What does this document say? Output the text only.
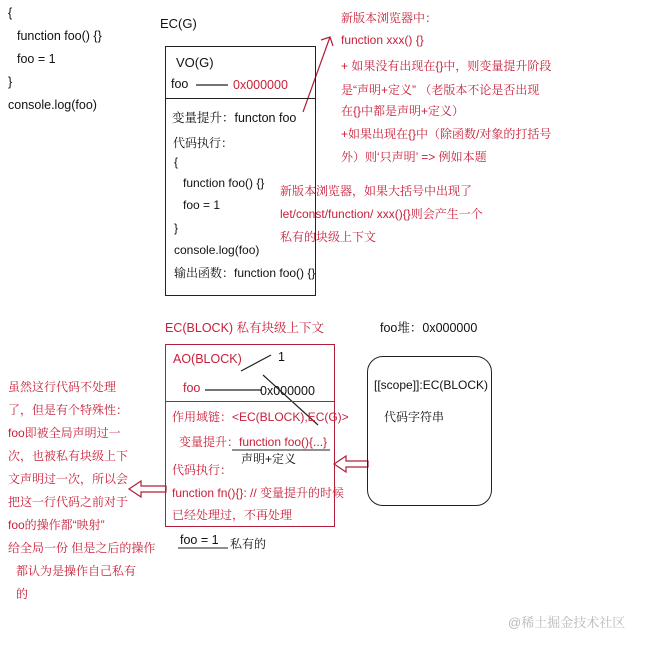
{
function foo() {}
foo = 1
}
console.log(foo)
EC(G)
VO(G)
foo	0x000000
变量提升：functon foo
代码执行：
{
function foo() {}
foo = 1
}
console.log(foo)
输出函数：function foo() {}
新版本浏览器中：
function xxx() {}
+ 如果没有出现在{}中，则变量提升阶段
是“声明+定义” （老版本不论是否出现
在{}中都是声明+定义）
+如果出现在{}中（除函数/对象的打括号
外）则‘只声明’ => 例如本题
新版本浏览器，如果大括号中出现了
let/const/function/ xxx(){}则会产生一个
私有的块级上下文
EC(BLOCK) 私有块级上下文
AO(BLOCK)	1
foo	0x000000
作用域链：<EC(BLOCK),EC(G)>
变量提升：function foo(){...}
声明+定义
代码执行：
function fn(){}: // 变量提升的时候
已经处理过，不再处理
foo = 1 私有的
foo堆：0x000000
[[scope]]:EC(BLOCK)
代码字符串
虽然这行代码不处理
了，但是有个特殊性：
foo即被全局声明过一
次，也被私有块级上下
文声明过一次，所以会
把这一行代码之前对于
foo的操作都“映射”
给全局一份 但是之后的操作
都认为是操作自己私有
的
@稀土掘金技术社区
